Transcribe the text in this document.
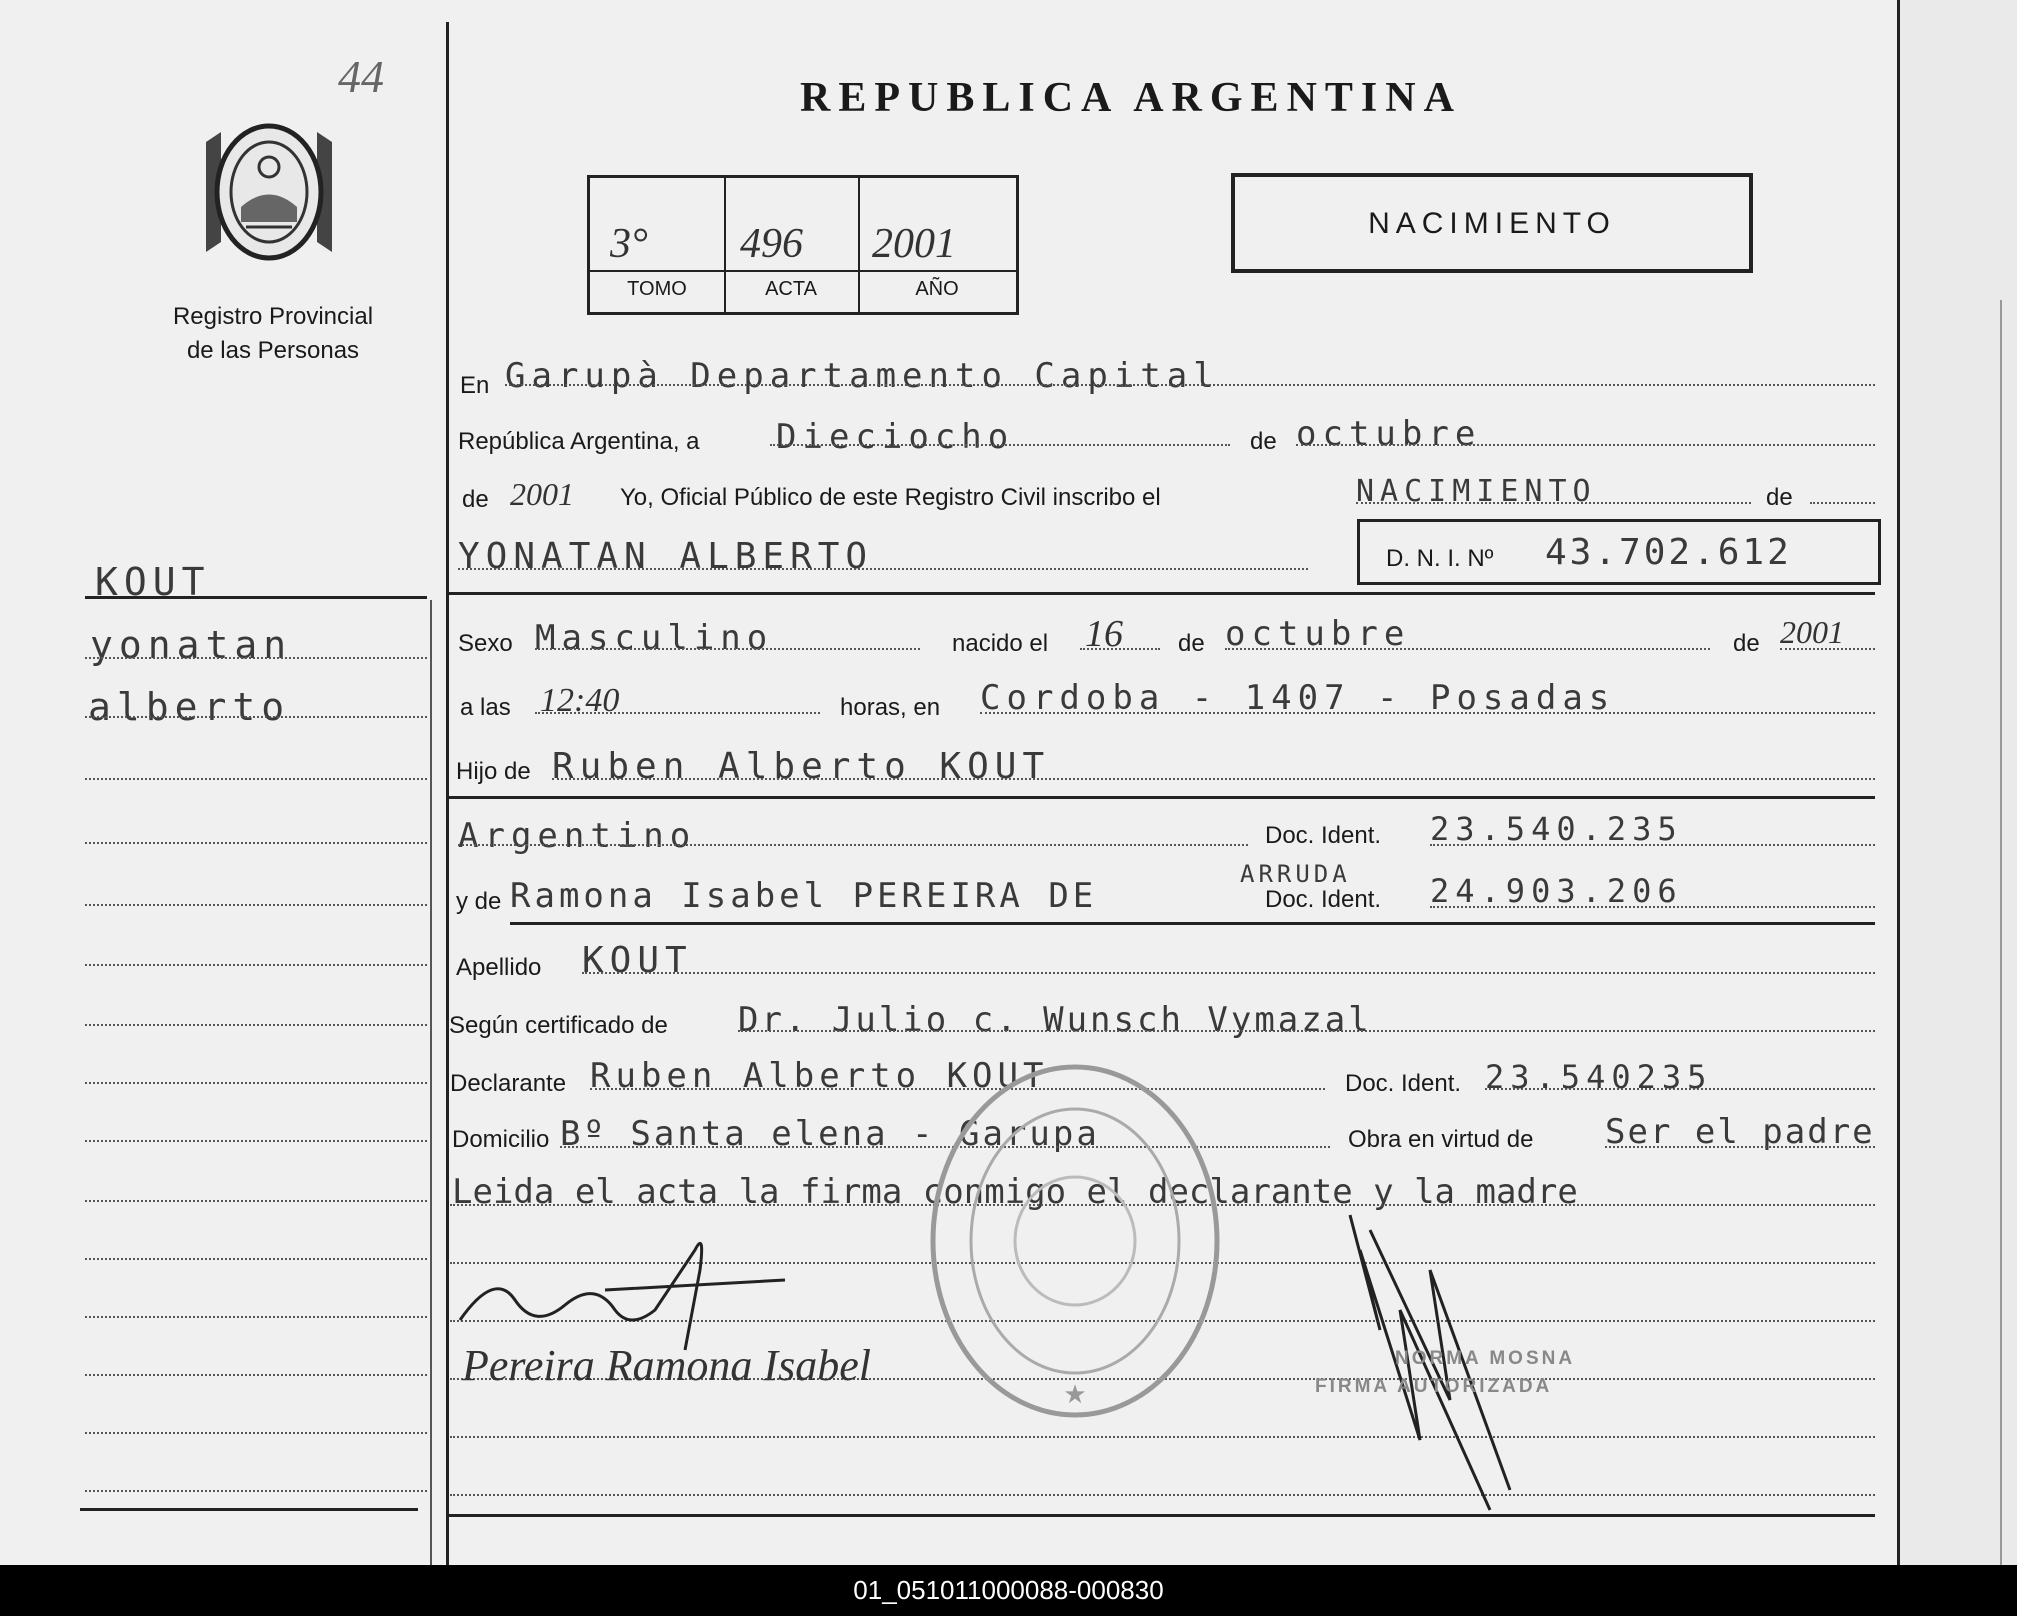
44
Registro Provincial
de las Personas
REPUBLICA ARGENTINA
3° 496 2001
TOMO	ACTA	AÑO
NACIMIENTO
KOUT
yonatan
alberto
En Garupà Departamento Capital
República Argentina, a Dieciocho	de octubre
de 2001 Yo, Oficial Público de este Registro Civil inscribo el	NACIMIENTO	de
YONATAN ALBERTO	D. N. I. Nº 43.702.612
Sexo Masculino	nacido el 16 de octubre	de 2001
a las 12:40	horas, en Cordoba - 1407 - Posadas
Hijo de Ruben Alberto KOUT
Argentino	Doc. Ident. 23.540.235
y de Ramona Isabel PEREIRA DE
ARRUDA
Doc. Ident. 24.903.206
Apellido KOUT
Según certificado de Dr. Julio c. Wunsch Vymazal
Declarante Ruben Alberto KOUT	Doc. Ident. 23.540235
Domicilio Bº Santa elena - Garupa	Obra en virtud de Ser el padre
Leida el acta la firma conmigo el declarante y la madre
Pereira Ramona Isabel
★
NORMA MOSNA
FIRMA AUTORIZADA
01_051011000088-000830
